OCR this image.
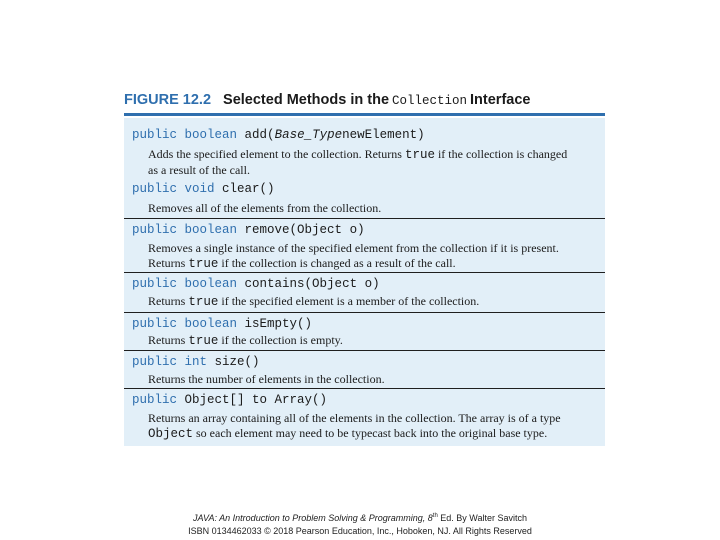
FIGURE 12.2 Selected Methods in the Collection Interface
public boolean add(Base_TypenewElement)
Adds the specified element to the collection. Returns true if the collection is changed
as a result of the call.
public void clear()
Removes all of the elements from the collection.
public boolean remove(Object o)
Removes a single instance of the specified element from the collection if it is present.
Returns true if the collection is changed as a result of the call.
public boolean contains(Object o)
Returns true if the specified element is a member of the collection.
public boolean isEmpty()
Returns true if the collection is empty.
public int size()
Returns the number of elements in the collection.
public Object[] to Array()
Returns an array containing all of the elements in the collection. The array is of a type
Object so each element may need to be typecast back into the original base type.
JAVA: An Introduction to Problem Solving & Programming, 8th Ed. By Walter Savitch
ISBN 0134462033 © 2018 Pearson Education, Inc., Hoboken, NJ. All Rights Reserved
